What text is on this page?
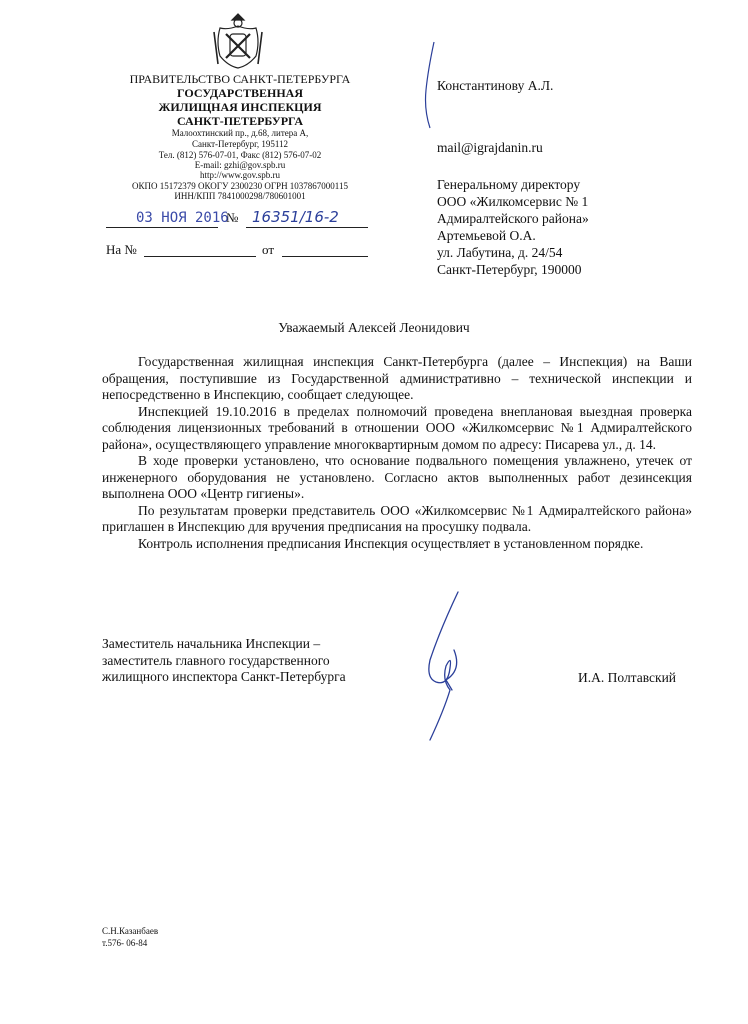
ПРАВИТЕЛЬСТВО САНКТ-ПЕТЕРБУРГА
ГОСУДАРСТВЕННАЯ
ЖИЛИЩНАЯ ИНСПЕКЦИЯ
САНКТ-ПЕТЕРБУРГА
Малоохтинский пр., д.68, литера А,
Санкт-Петербург, 195112
Тел. (812) 576-07-01, Факс (812) 576-07-02
E-mail: gzhi@gov.spb.ru
http://www.gov.spb.ru
ОКПО 15172379 ОКОГУ 2300230 ОГРН 1037867000115
ИНН/КПП 7841000298/780601001
03 НОЯ 2016
№ 16351/16-2
На №	от
Константинову А.Л.
mail@igrajdanin.ru
Генеральному директору
ООО «Жилкомсервис № 1
Адмиралтейского района»
Артемьевой О.А.
ул. Лабутина, д. 24/54
Санкт-Петербург, 190000
Уважаемый Алексей Леонидович

Государственная жилищная инспекция Санкт-Петербурга (далее – Инспекция) на Ваши обращения, поступившие из Государственной административно – технической инспекции и непосредственно в Инспекцию, сообщает следующее.

Инспекцией 19.10.2016 в пределах полномочий проведена внеплановая выездная проверка соблюдения лицензионных требований в отношении ООО «Жилкомсервис №1 Адмиралтейского района», осуществляющего управление многоквартирным домом по адресу: Писарева ул., д. 14.

В ходе проверки установлено, что основание подвального помещения увлажнено, утечек от инженерного оборудования не установлено. Согласно актов выполненных работ дезинсекция выполнена ООО «Центр гигиены».

По результатам проверки представитель ООО «Жилкомсервис №1 Адмиралтейского района» приглашен в Инспекцию для вручения предписания на просушку подвала.

Контроль исполнения предписания Инспекция осуществляет в установленном порядке.

Заместитель начальника Инспекции –
заместитель главного государственного
жилищного инспектора Санкт-Петербурга	И.А. Полтавский
С.Н.Казанбаев
т.576- 06-84
